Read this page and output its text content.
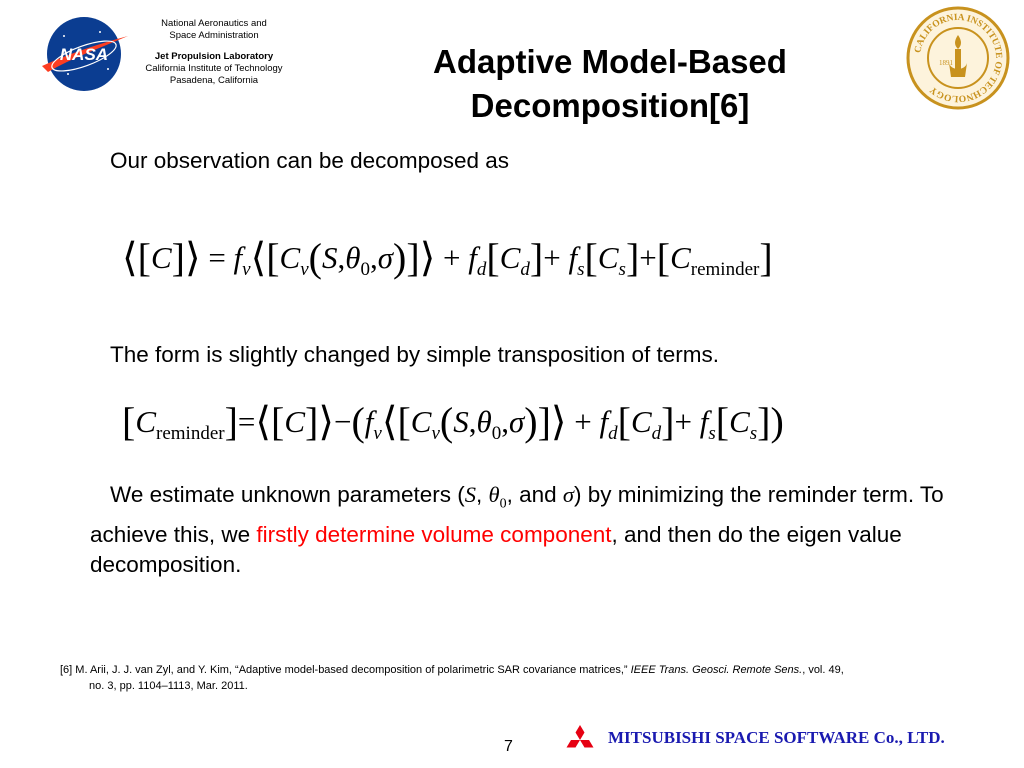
NASA
National Aeronautics and
Space Administration
Jet Propulsion Laboratory
California Institute of Technology
Pasadena, California
Adaptive Model-Based
Decomposition[6]
CALIFORNIA INSTITUTE OF TECHNOLOGY
1891
Our observation can be decomposed as
⟨[C]⟩ = $f_v⟨[C_v(S,\theta_0,\sigma)]⟩ + f_d[C_d]+ f_s[C_s]+[C_{reminder}]$
The form is slightly changed by simple transposition of terms.
$[C_{reminder}]=⟨[C]⟩-(f_v⟨[C_v(S,\theta_0,\sigma)]⟩ + f_d[C_d]+ f_s[C_s])$
We estimate unknown parameters (S, $\theta_0$, and σ) by minimizing the reminder term. To achieve this, we firstly determine volume component, and then do the eigen value decomposition.
[6] M. Arii, J. J. van Zyl, and Y. Kim, “Adaptive model-based decomposition of polarimetric SAR covariance matrices,” IEEE Trans. Geosci. Remote Sens., vol. 49,
no. 3, pp. 1104–1113, Mar. 2011.
7	MITSUBISHI SPACE SOFTWARE Co., LTD.
